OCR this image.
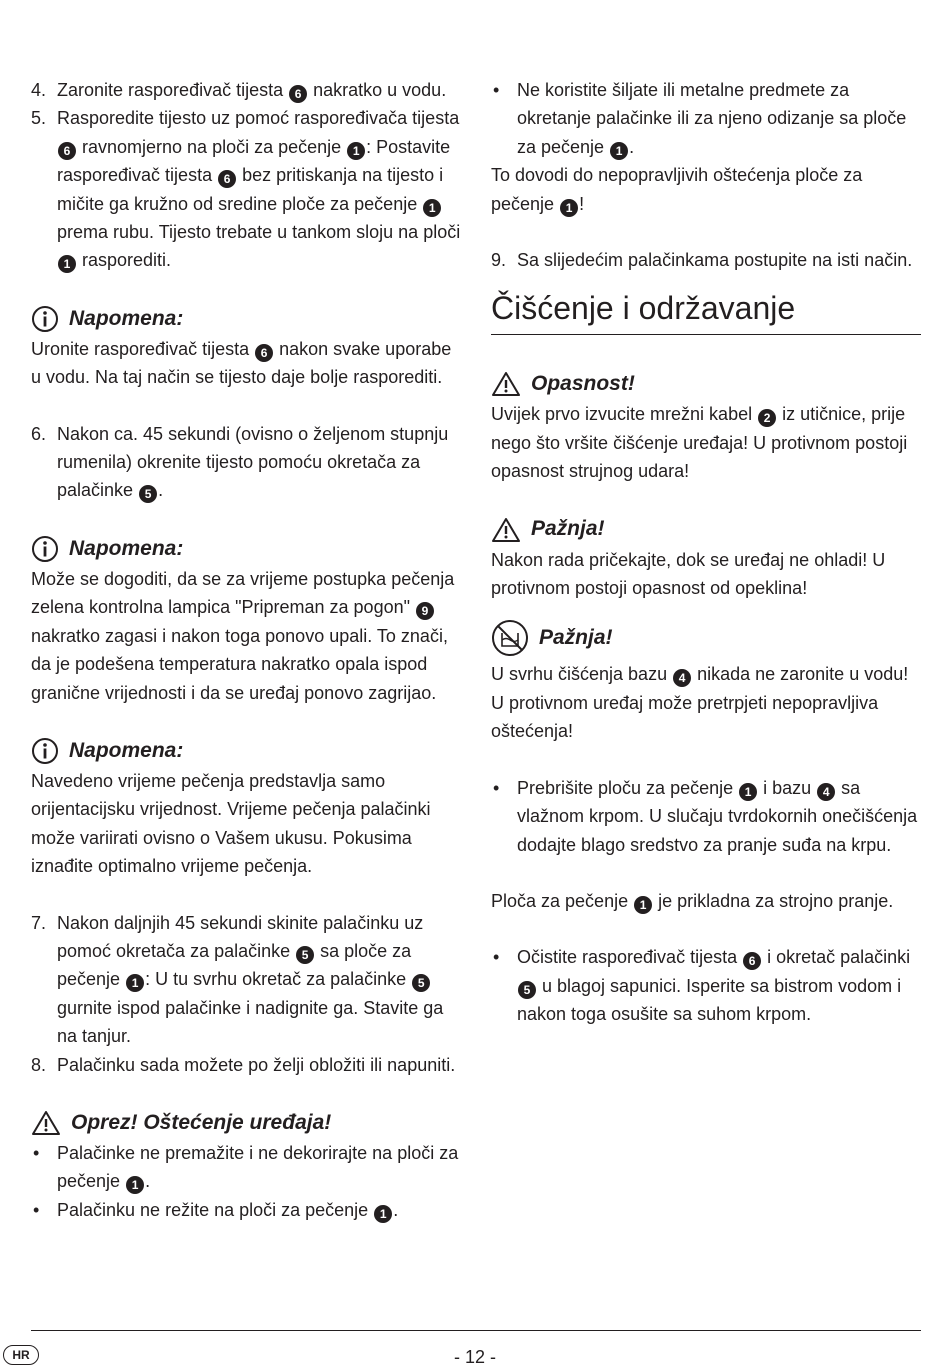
4. Zaronite raspoređivač tijesta 6 nakratko u vodu.
5. Rasporedite tijesto uz pomoć raspoređivača tijesta 6 ravnomjerno na ploči za pečenje 1 : Postavite raspoređivač tijesta 6 bez pritiskanja na tijesto i mičite ga kružno od sredine ploče za pečenje 1 prema rubu. Tijesto trebate u tankom sloju na ploči 1 rasporediti.
Napomena:
Uronite raspoređivač tijesta 6 nakon svake uporabe u vodu. Na taj način se tijesto daje bolje rasporediti.
6. Nakon ca. 45 sekundi (ovisno o željenom stupnju rumenila) okrenite tijesto pomoću okretača za palačinke 5 .
Napomena:
Može se dogoditi, da se za vrijeme postupka pečenja zelena kontrolna lampica "Pripreman za pogon" 9 nakratko zagasi i nakon toga ponovo upali. To znači, da je podešena temperatura nakratko opala ispod granične vrijednosti i da se uređaj ponovo zagrijao.
Napomena:
Navedeno vrijeme pečenja predstavlja samo orijentacijsku vrijednost. Vrijeme pečenja palačinki može variirati ovisno o Vašem ukusu. Pokusima iznađite optimalno vrijeme pečenja.
7. Nakon daljnjih 45 sekundi skinite palačinku uz pomoć okretača za palačinke 5 sa ploče za pečenje 1 : U tu svrhu okretač za palačinke 5 gurnite ispod palačinke i nadignite ga. Stavite ga na tanjur.
8. Palačinku sada možete po želji obložiti ili napuniti.
Oprez! Oštećenje uređaja!
• Palačinke ne premažite i ne dekorirajte na ploči za pečenje 1 .
• Palačinku ne režite na ploči za pečenje 1 .
• Ne koristite šiljate ili metalne predmete za okretanje palačinke ili za njeno odizanje sa ploče za pečenje 1 .
To dovodi do nepopravljivih oštećenja ploče za pečenje 1 !
9. Sa slijedećim palačinkama postupite na isti način.
Čišćenje i održavanje
Opasnost!
Uvijek prvo izvucite mrežni kabel 2 iz utičnice, prije nego što vršite čišćenje uređaja! U protivnom postoji opasnost strujnog udara!
Pažnja!
Nakon rada pričekajte, dok se uređaj ne ohladi! U protivnom postoji opasnost od opeklina!
Pažnja!
U svrhu čišćenja bazu 4 nikada ne zaronite u vodu! U protivnom uređaj može pretrpjeti nepopravljiva oštećenja!
• Prebrišite ploču za pečenje 1 i bazu 4 sa vlažnom krpom. U slučaju tvrdokornih onečišćenja dodajte blago sredstvo za pranje suđa na krpu.
Ploča za pečenje 1 je prikladna za strojno pranje.
• Očistite raspoređivač tijesta 6 i okretač palačinki 5 u blagoj sapunici. Isperite sa bistrom vodom i nakon toga osušite sa suhom krpom.
HR	- 12 -
